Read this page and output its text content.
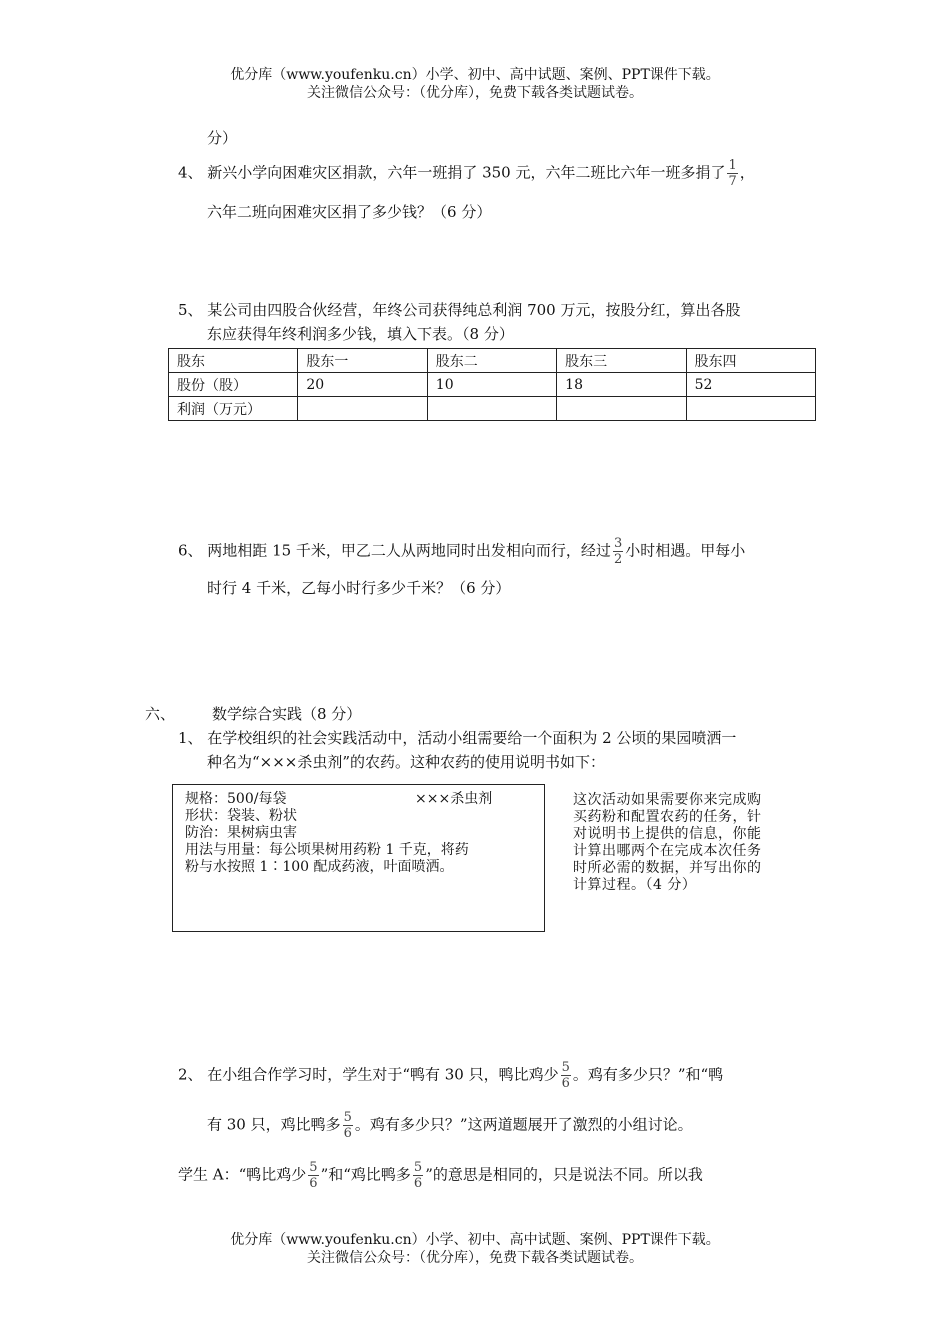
优分库（www.youfenku.cn）小学、初中、高中试题、案例、PPT课件下载。
关注微信公众号：（优分库），免费下载各类试题试卷。
分）
4、 新兴小学向困难灾区捐款，六年一班捐了 350 元，六年二班比六年一班多捐了 $\frac{1}{7}$ ，
六年二班向困难灾区捐了多少钱？（6 分）
5、 某公司由四股合伙经营，年终公司获得纯总利润 700 万元，按股分红，算出各股
东应获得年终利润多少钱，填入下表。（8 分）
股东	股东一	股东二	股东三	股东四
股份（股）	20	10	18	52
利润（万元）				
6、 两地相距 15 千米，甲乙二人从两地同时出发相向而行，经过 $\frac{3}{2}$ 小时相遇。甲每小
时行 4 千米，乙每小时行多少千米？（6 分）
六、 数学综合实践（8 分）
1、 在学校组织的社会实践活动中，活动小组需要给一个面积为 2 公顷的果园喷洒一
种名为“×××杀虫剂”的农药。这种农药的使用说明书如下：
规格：500/每袋	×××杀虫剂
形状：袋装、粉状
防治：果树病虫害
用法与用量：每公顷果树用药粉 1 千克，将药
粉与水按照 1∶100 配成药液，叶面喷洒。
这次活动如果需要你来完成购
买药粉和配置农药的任务，针
对说明书上提供的信息，你能
计算出哪两个在完成本次任务
时所必需的数据，并写出你的
计算过程。（4 分）
2、 在小组合作学习时，学生对于“鸭有 30 只，鸭比鸡少 $\frac{5}{6}$ 。鸡有多少只？”和“鸭
有 30 只，鸡比鸭多 $\frac{5}{6}$ 。鸡有多少只？”这两道题展开了激烈的小组讨论。
学生 A：“鸭比鸡少 $\frac{5}{6}$ ”和“鸡比鸭多 $\frac{5}{6}$ ”的意思是相同的，只是说法不同。所以我
优分库（www.youfenku.cn）小学、初中、高中试题、案例、PPT课件下载。
关注微信公众号：（优分库），免费下载各类试题试卷。
